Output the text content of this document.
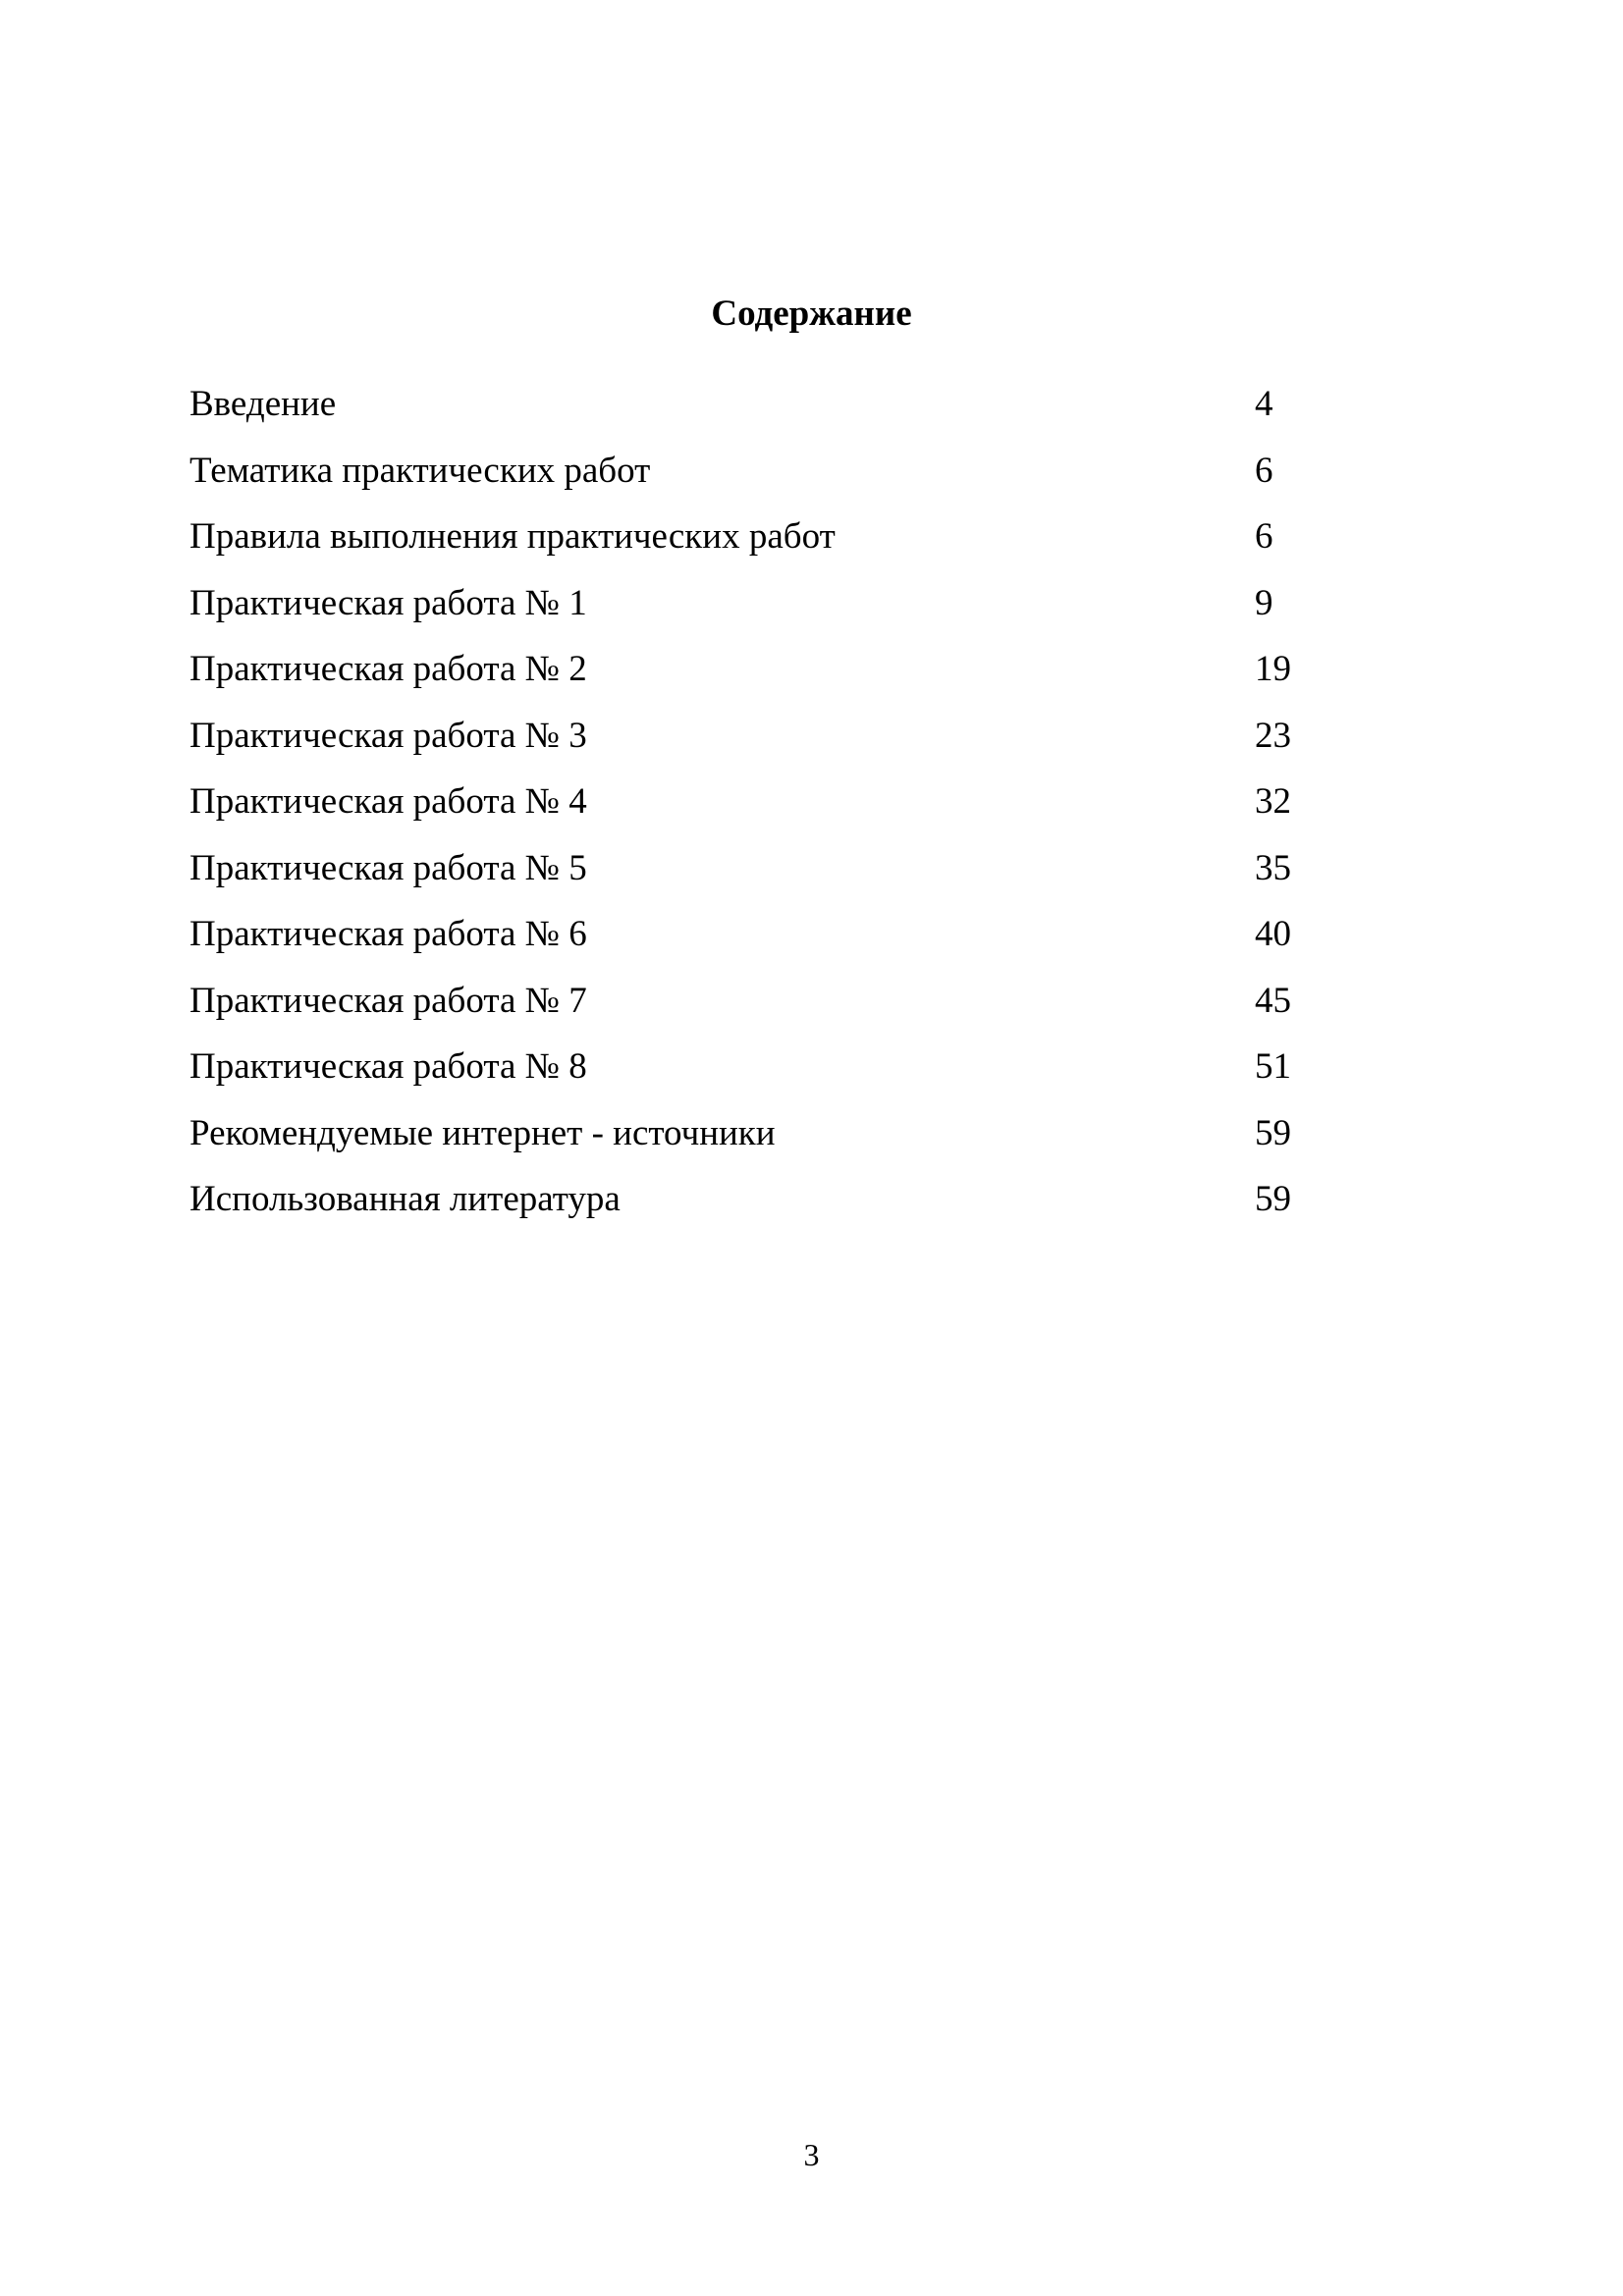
Содержание
Введение	4
Тематика практических работ	6
Правила выполнения практических работ	6
Практическая работа № 1	9
Практическая работа № 2	19
Практическая работа № 3	23
Практическая работа № 4	32
Практическая работа № 5	35
Практическая работа № 6	40
Практическая работа № 7	45
Практическая работа № 8	51
Рекомендуемые интернет - источники	59
Использованная литература	59
3
